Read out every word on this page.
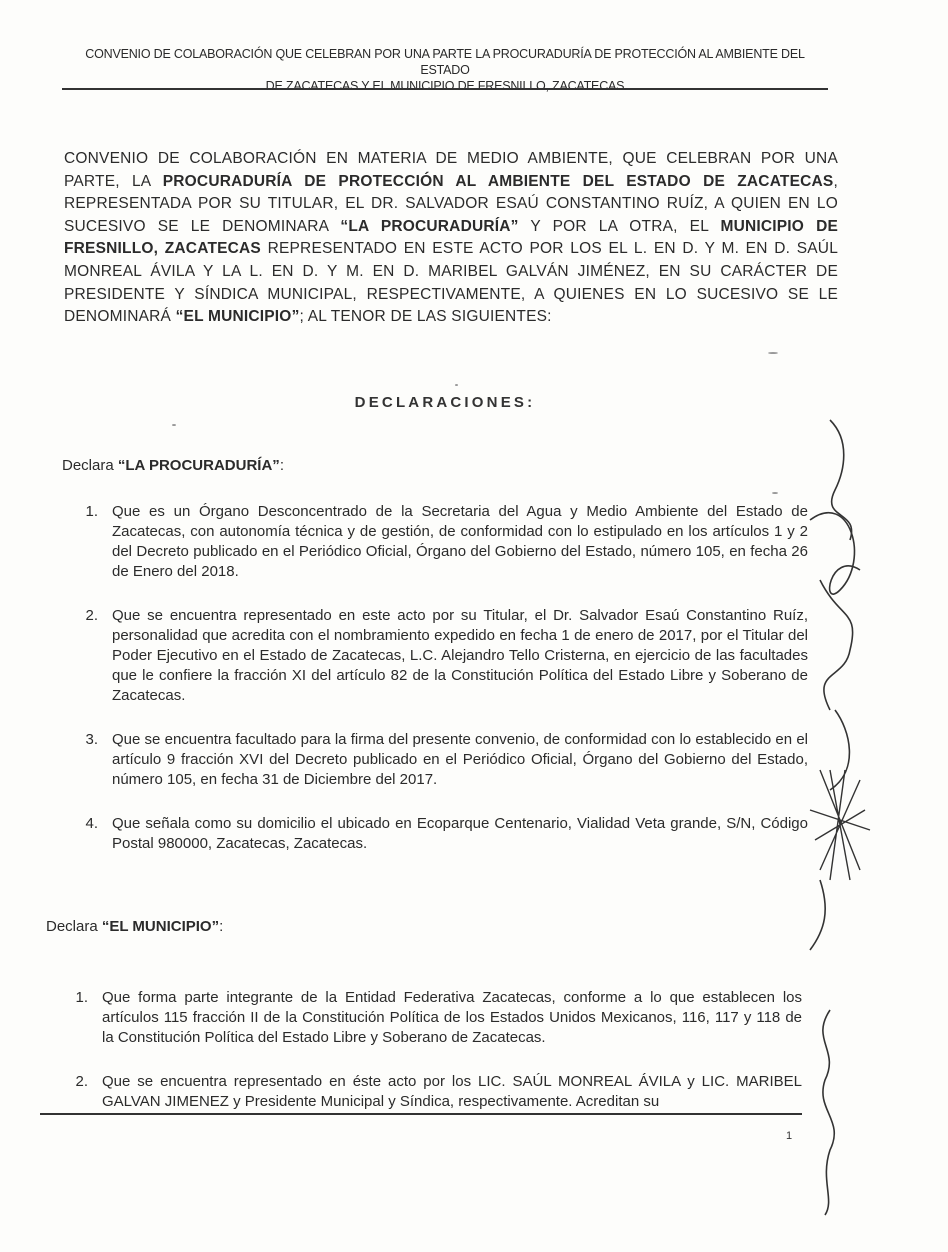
CONVENIO DE COLABORACIÓN QUE CELEBRAN POR UNA PARTE LA PROCURADURÍA DE PROTECCIÓN AL AMBIENTE DEL ESTADO
DE ZACATECAS Y EL MUNICIPIO DE FRESNILLO, ZACATECAS
CONVENIO DE COLABORACIÓN EN MATERIA DE MEDIO AMBIENTE, QUE CELEBRAN POR UNA PARTE, LA PROCURADURÍA DE PROTECCIÓN AL AMBIENTE DEL ESTADO DE ZACATECAS, REPRESENTADA POR SU TITULAR, EL DR. SALVADOR ESAÚ CONSTANTINO RUÍZ, A QUIEN EN LO SUCESIVO SE LE DENOMINARA “LA PROCURADURÍA” Y POR LA OTRA, EL MUNICIPIO DE FRESNILLO, ZACATECAS REPRESENTADO EN ESTE ACTO POR LOS EL L. EN D. Y M. EN D. SAÚL MONREAL ÁVILA Y LA L. EN D. Y M. EN D. MARIBEL GALVÁN JIMÉNEZ, EN SU CARÁCTER DE PRESIDENTE Y SÍNDICA MUNICIPAL, RESPECTIVAMENTE, A QUIENES EN LO SUCESIVO SE LE DENOMINARÁ “EL MUNICIPIO”; AL TENOR DE LAS SIGUIENTES:
DECLARACIONES:
Declara “LA PROCURADURÍA”:
1. Que es un Órgano Desconcentrado de la Secretaria del Agua y Medio Ambiente del Estado de Zacatecas, con autonomía técnica y de gestión, de conformidad con lo estipulado en los artículos 1 y 2 del Decreto publicado en el Periódico Oficial, Órgano del Gobierno del Estado, número 105, en fecha 26 de Enero del 2018.
2. Que se encuentra representado en este acto por su Titular, el Dr. Salvador Esaú Constantino Ruíz, personalidad que acredita con el nombramiento expedido en fecha 1 de enero de 2017, por el Titular del Poder Ejecutivo en el Estado de Zacatecas, L.C. Alejandro Tello Cristerna, en ejercicio de las facultades que le confiere la fracción XI del artículo 82 de la Constitución Política del Estado Libre y Soberano de Zacatecas.
3. Que se encuentra facultado para la firma del presente convenio, de conformidad con lo establecido en el artículo 9 fracción XVI del Decreto publicado en el Periódico Oficial, Órgano del Gobierno del Estado, número 105, en fecha 31 de Diciembre del 2017.
4. Que señala como su domicilio el ubicado en Ecoparque Centenario, Vialidad Veta grande, S/N, Código Postal 980000, Zacatecas, Zacatecas.
Declara “EL MUNICIPIO”:
1. Que forma parte integrante de la Entidad Federativa Zacatecas, conforme a lo que establecen los artículos 115 fracción II de la Constitución Política de los Estados Unidos Mexicanos, 116, 117 y 118 de la Constitución Política del Estado Libre y Soberano de Zacatecas.
2. Que se encuentra representado en éste acto por los LIC. SAÚL MONREAL ÁVILA y LIC. MARIBEL GALVAN JIMENEZ y Presidente Municipal y Síndica, respectivamente. Acreditan su
1
